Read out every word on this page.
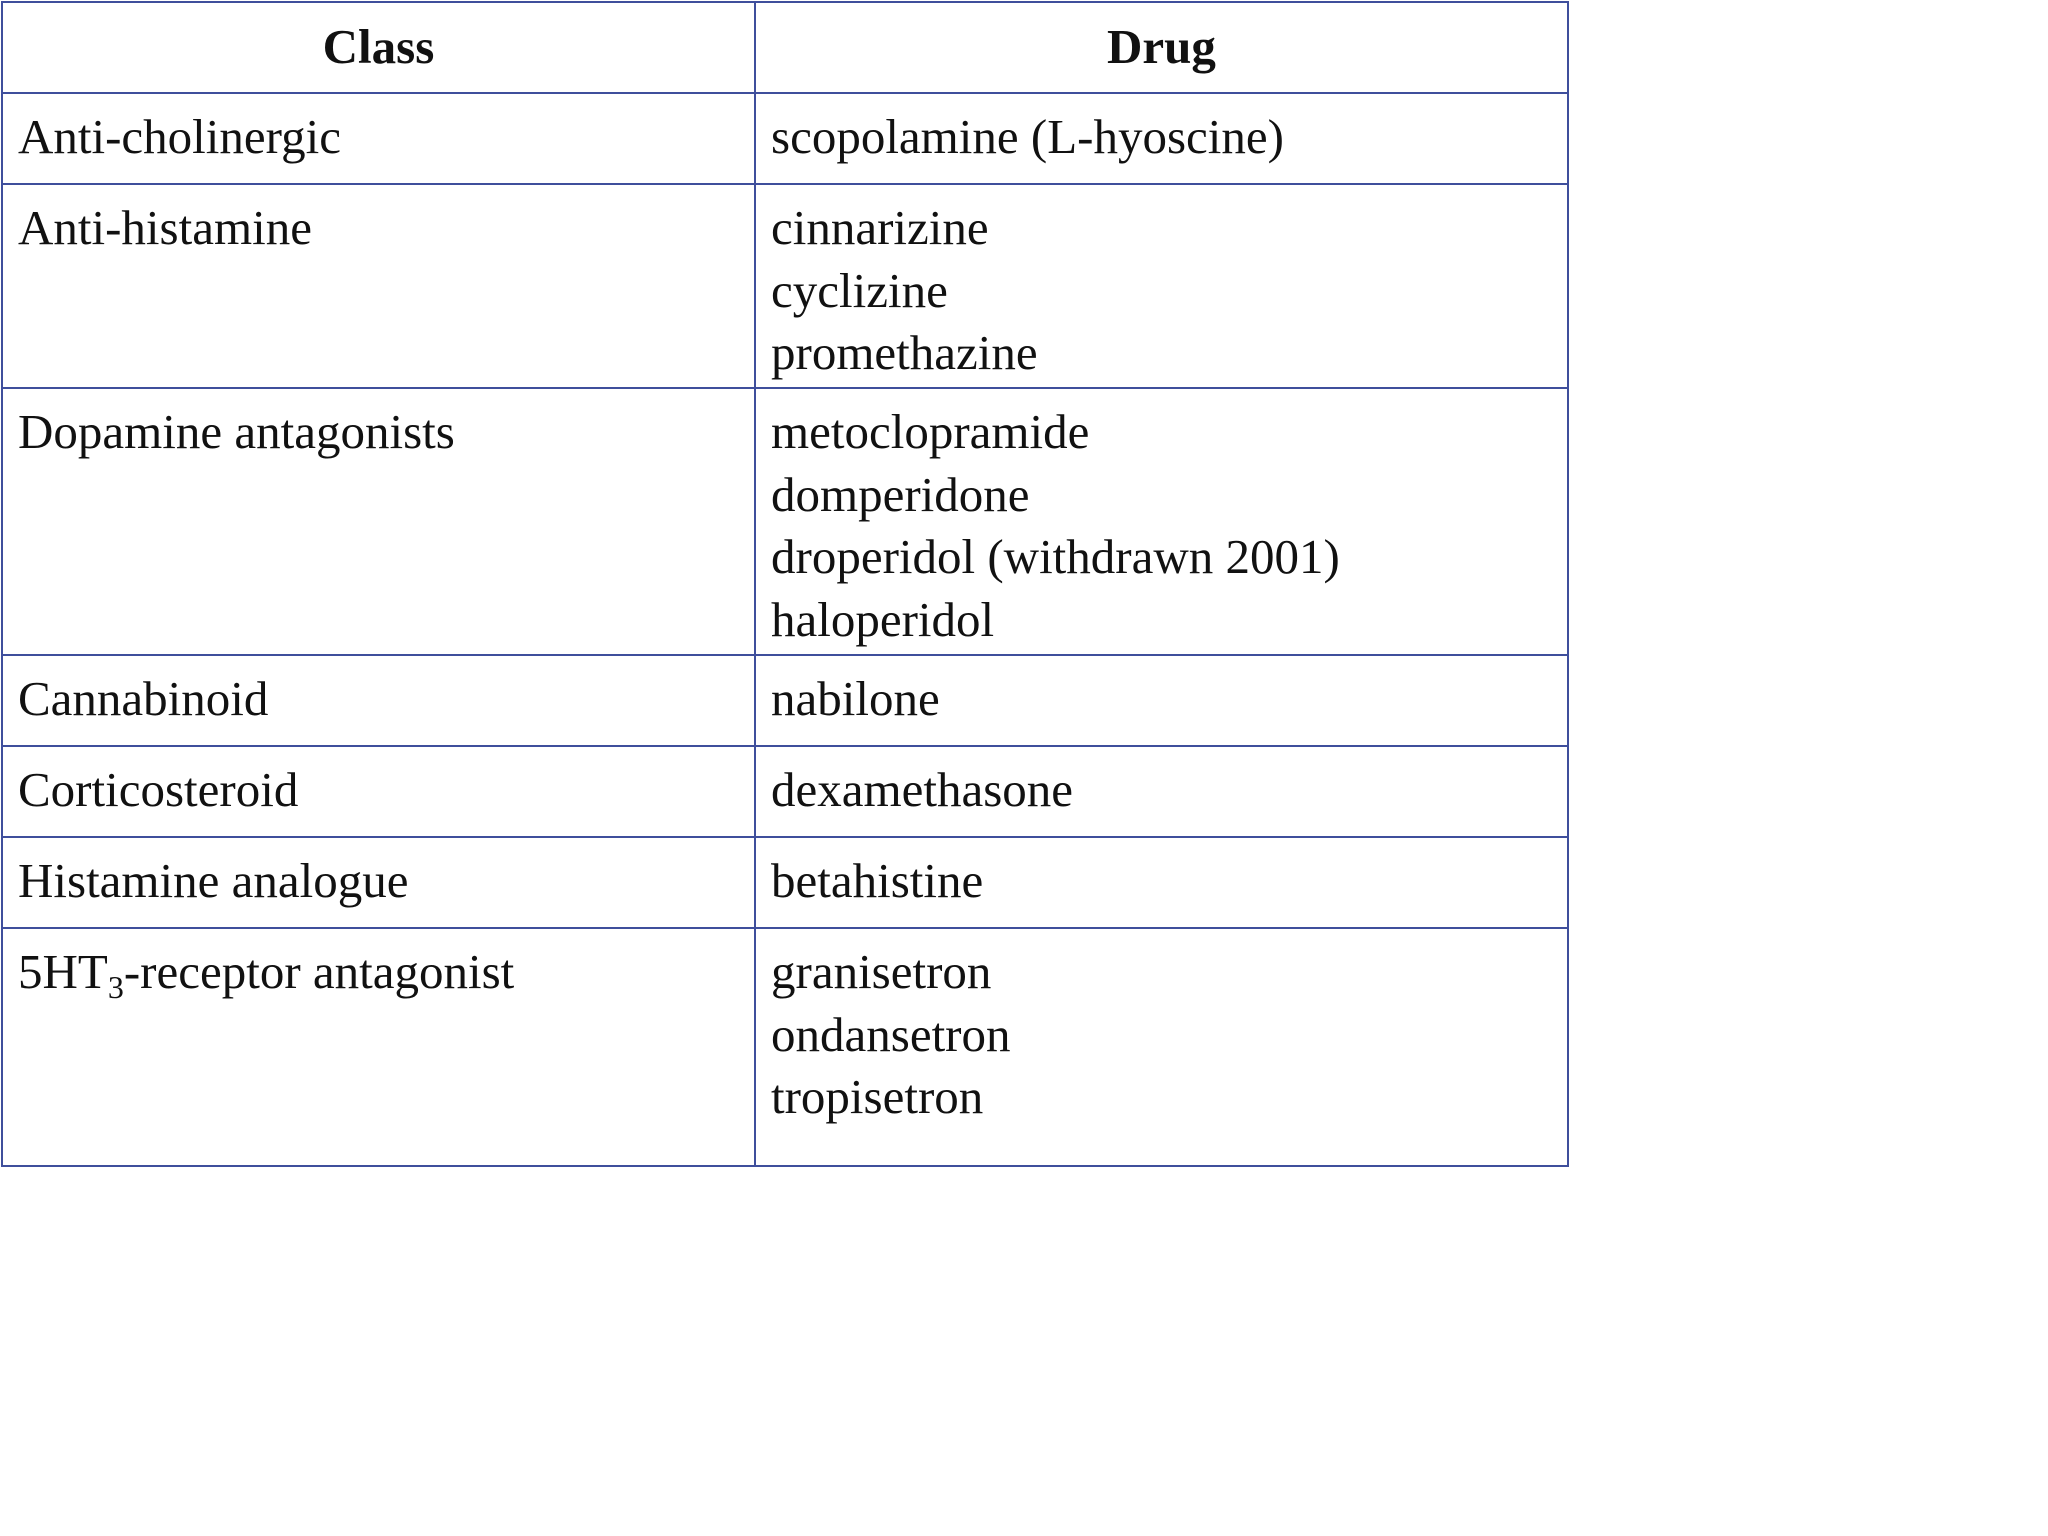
Class	Drug

Anti-cholinergic	scopolamine (L-hyoscine)

Anti-histamine	cinnarizine
cyclizine
promethazine

Dopamine antagonists	metoclopramide
domperidone
droperidol (withdrawn 2001)
haloperidol

Cannabinoid	nabilone

Corticosteroid	dexamethasone

Histamine analogue	betahistine

$5HT_3$-receptor antagonist	granisetron
ondansetron
tropisetron
